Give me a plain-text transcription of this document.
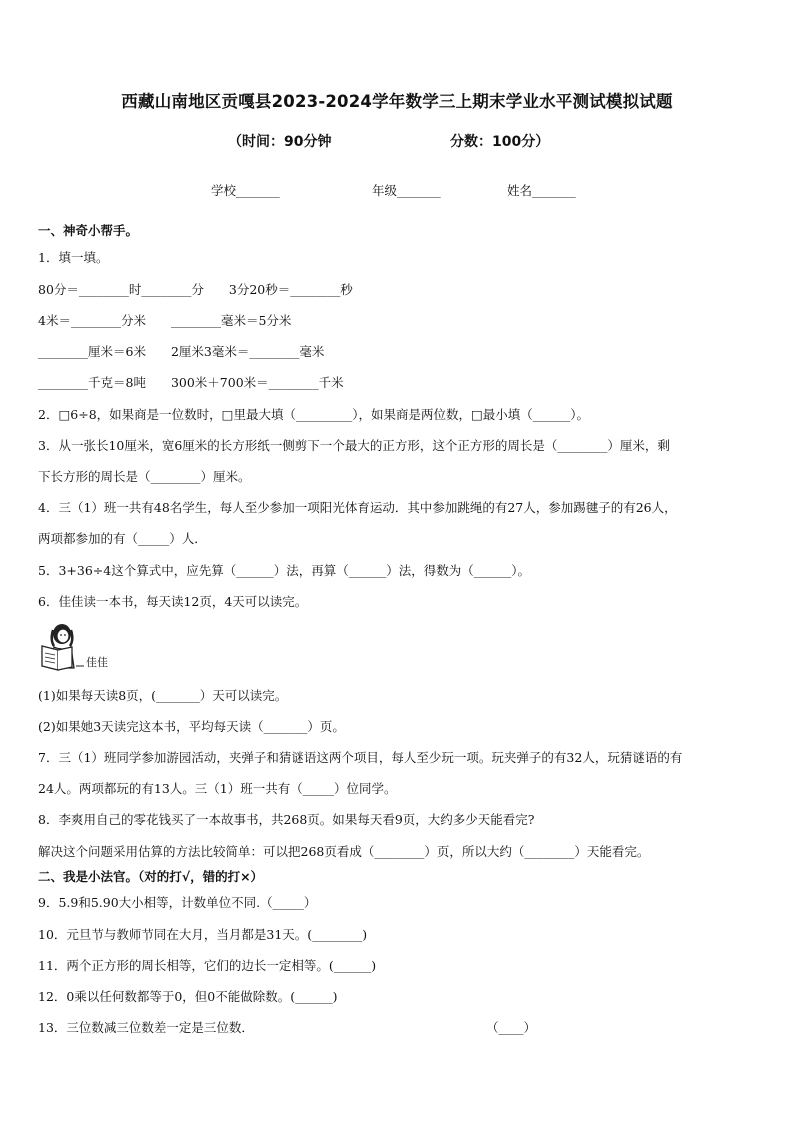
西藏山南地区贡嘎县2023-2024学年数学三上期末学业水平测试模拟试题
（时间：90分钟	分数：100分）
学校_______	年级_______	姓名_______
一、神奇小帮手。
1．填一填。
80分＝________时________分　　3分20秒＝________秒
4米＝________分米　　________毫米＝5分米
________厘米＝6米　　2厘米3毫米＝________毫米
________千克＝8吨　　300米＋700米＝________千米
2．□6÷8，如果商是一位数时，□里最大填（_________），如果商是两位数，□最小填（______）。
3．从一张长10厘米，宽6厘米的长方形纸一侧剪下一个最大的正方形，这个正方形的周长是（________）厘米，剩
下长方形的周长是（________）厘米。
4．三（1）班一共有48名学生，每人至少参加一项阳光体育运动．其中参加跳绳的有27人，参加踢毽子的有26人，
两项都参加的有（_____）人．
5．3+36÷4这个算式中，应先算（______）法，再算（______）法，得数为（______）。
6．佳佳读一本书，每天读12页，4天可以读完。
佳佳
(1)如果每天读8页，(_______）天可以读完。
(2)如果她3天读完这本书，平均每天读（_______）页。
7．三（1）班同学参加游园活动，夹弹子和猜谜语这两个项目，每人至少玩一项。玩夹弹子的有32人，玩猜谜语的有
24人。两项都玩的有13人。三（1）班一共有（_____）位同学。
8．李爽用自己的零花钱买了一本故事书，共268页。如果每天看9页，大约多少天能看完?
解决这个问题采用估算的方法比较简单：可以把268页看成（________）页，所以大约（________）天能看完。
二、我是小法官。（对的打√，错的打×）
9．5.9和5.90大小相等，计数单位不同.（_____）
10．元旦节与教师节同在大月，当月都是31天。(________)
11．两个正方形的周长相等，它们的边长一定相等。(______)
12．0乘以任何数都等于0，但0不能做除数。(______)
13．三位数减三位数差一定是三位数．	（____）
